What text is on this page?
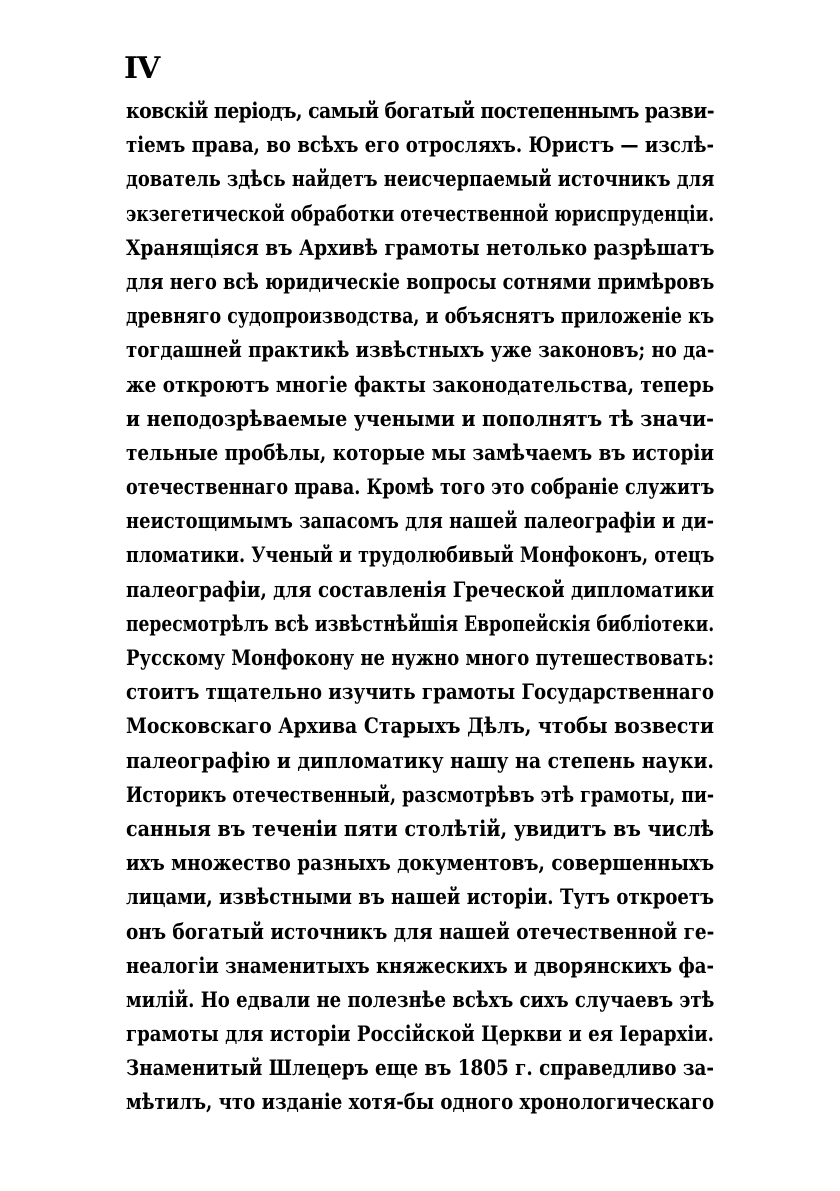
IV
ковскій періодъ, самый богатый постепеннымъ разви-
тіемъ права, во всѣхъ его отросляхъ. Юристъ — изслѣ-
дователь здѣсь найдетъ неисчерпаемый источникъ для
экзегетической обработки отечественной юриспруденціи.
Хранящіяся въ Архивѣ грамоты нетолько разрѣшатъ
для него всѣ юридическіе вопросы сотнями примѣровъ
древняго судопроизводства, и объяснятъ приложеніе къ
тогдашней практикѣ извѣстныхъ уже законовъ; но да-
же откроютъ многіе факты законодательства, теперь
и неподозрѣваемые учеными и пополнятъ тѣ значи-
тельные пробѣлы, которые мы замѣчаемъ въ исторіи
отечественнаго права. Кромѣ того это собраніе служитъ
неистощимымъ запасомъ для нашей палеографіи и ди-
пломатики. Ученый и трудолюбивый Монфоконъ, отецъ
палеографіи, для составленія Греческой дипломатики
пересмотрѣлъ всѣ извѣстнѣйшія Европейскія библіотеки.
Русскому Монфокону не нужно много путешествовать:
стоитъ тщательно изучить грамоты Государственнаго
Московскаго Архива Старыхъ Дѣлъ, чтобы возвести
палеографію и дипломатику нашу на степень науки.
Историкъ отечественный, разсмотрѣвъ этѣ грамоты, пи-
санныя въ теченіи пяти столѣтій, увидитъ въ числѣ
ихъ множество разныхъ документовъ, совершенныхъ
лицами, извѣстными въ нашей исторіи. Тутъ откроетъ
онъ богатый источникъ для нашей отечественной ге-
неалогіи знаменитыхъ княжескихъ и дворянскихъ фа-
милій. Но едвали не полезнѣе всѣхъ сихъ случаевъ этѣ
грамоты для исторіи Россійской Церкви и ея Іерархіи.
Знаменитый Шлецеръ еще въ 1805 г. справедливо за-
мѣтилъ, что изданіе хотя-бы одного хронологическаго
